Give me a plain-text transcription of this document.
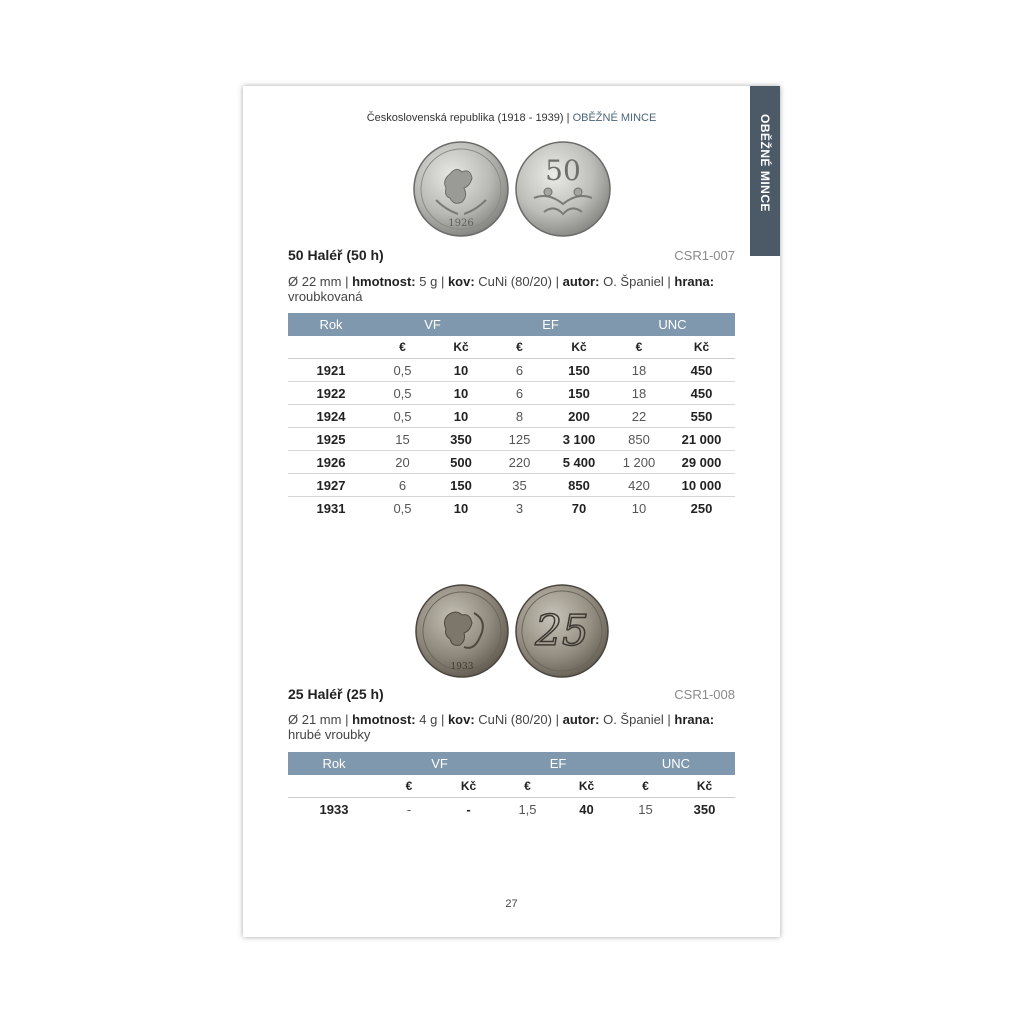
OBĚŽNÉ MINCE
Československá republika (1918 - 1939) | OBĚŽNÉ MINCE
1926
50
50 Haléř (50 h)	CSR1-007
Ø 22 mm | hmotnost: 5 g | kov: CuNi (80/20) | autor: O. Španiel | hrana: vroubkovaná
Rok	VF		EF		UNC	
	€	Kč	€	Kč	€	Kč
1921	0,5	10	6	150	18	450
1922	0,5	10	6	150	18	450
1924	0,5	10	8	200	22	550
1925	15	350	125	3 100	850	21 000
1926	20	500	220	5 400	1 200	29 000
1927	6	150	35	850	420	10 000
1931	0,5	10	3	70	10	250
1933
25
25 Haléř (25 h)	CSR1-008
Ø 21 mm | hmotnost: 4 g | kov: CuNi (80/20) | autor: O. Španiel | hrana: hrubé vroubky
Rok	VF		EF		UNC	
	€	Kč	€	Kč	€	Kč
1933	-	-	1,5	40	15	350
27
